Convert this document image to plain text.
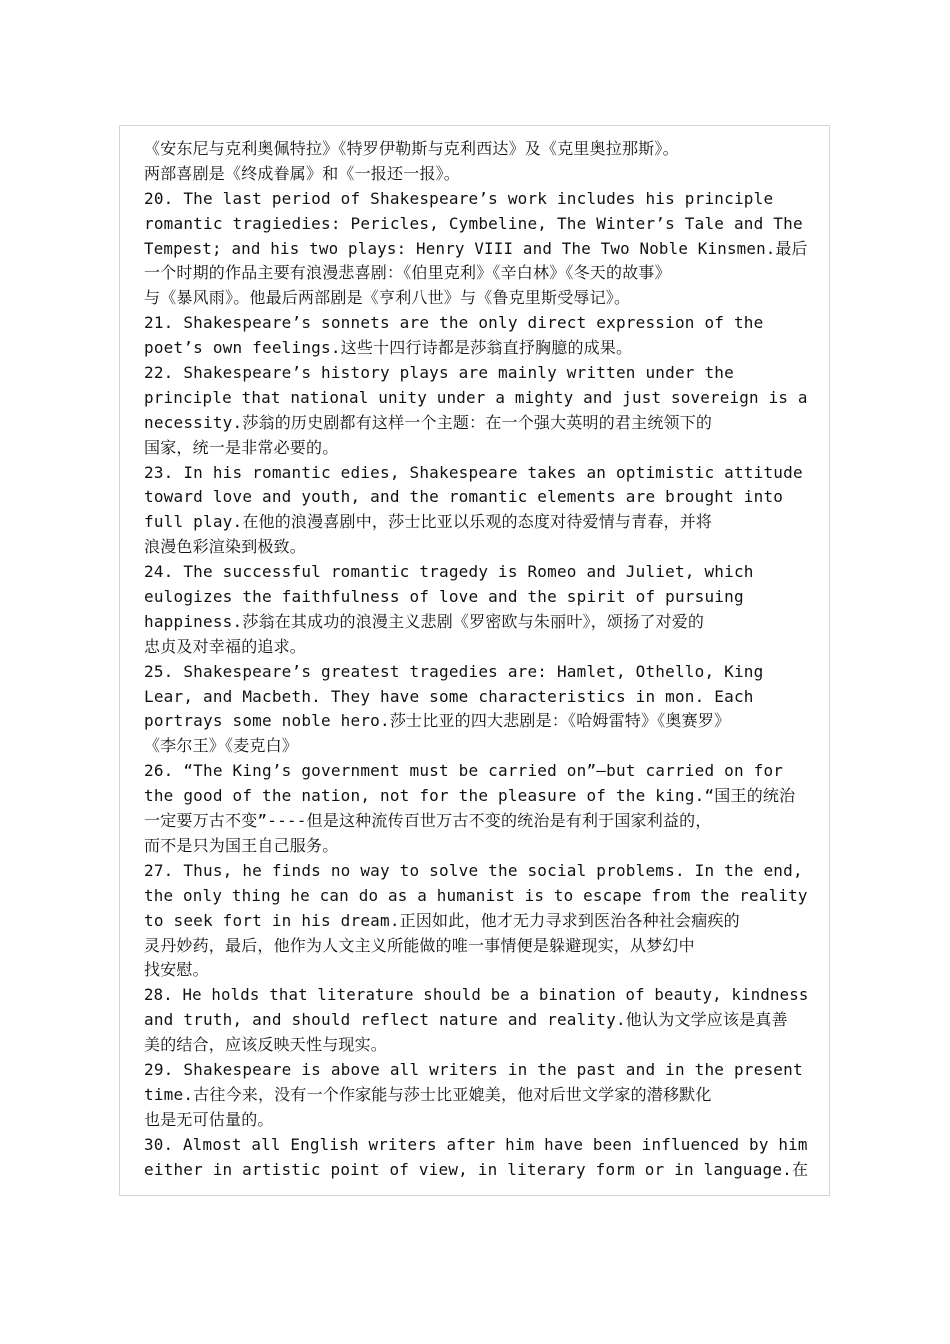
《安东尼与克利奥佩特拉》《特罗伊勒斯与克利西达》及《克里奥拉那斯》。
两部喜剧是《终成眷属》和《一报还一报》。
20. The last period of Shakespeare’s work includes his principle
romantic tragiedies: Pericles, Cymbeline, The Winter’s Tale and The
Tempest; and his two plays: Henry VIII and The Two Noble Kinsmen.最后
一个时期的作品主要有浪漫悲喜剧：《伯里克利》《辛白林》《冬天的故事》
与《暴风雨》。他最后两部剧是《亨利八世》与《鲁克里斯受辱记》。
21. Shakespeare’s sonnets are the only direct expression of the
poet’s own feelings.这些十四行诗都是莎翁直抒胸臆的成果。
22. Shakespeare’s history plays are mainly written under the
principle that national unity under a mighty and just sovereign is a
necessity.莎翁的历史剧都有这样一个主题：在一个强大英明的君主统领下的
国家，统一是非常必要的。
23. In his romantic edies, Shakespeare takes an optimistic attitude
toward love and youth, and the romantic elements are brought into
full play.在他的浪漫喜剧中，莎士比亚以乐观的态度对待爱情与青春，并将
浪漫色彩渲染到极致。
24. The successful romantic tragedy is Romeo and Juliet, which
eulogizes the faithfulness of love and the spirit of pursuing
happiness.莎翁在其成功的浪漫主义悲剧《罗密欧与朱丽叶》，颂扬了对爱的
忠贞及对幸福的追求。
25. Shakespeare’s greatest tragedies are: Hamlet, Othello, King
Lear, and Macbeth. They have some characteristics in mon. Each
portrays some noble hero.莎士比亚的四大悲剧是：《哈姆雷特》《奥赛罗》
《李尔王》《麦克白》
26. “The King’s government must be carried on”—but carried on for
the good of the nation, not for the pleasure of the king.“国王的统治
一定要万古不变”----但是这种流传百世万古不变的统治是有利于国家利益的，
而不是只为国王自己服务。
27. Thus, he finds no way to solve the social problems. In the end,
the only thing he can do as a humanist is to escape from the reality
to seek fort in his dream.正因如此，他才无力寻求到医治各种社会痼疾的
灵丹妙药，最后，他作为人文主义所能做的唯一事情便是躲避现实，从梦幻中
找安慰。
28. He holds that literature should be a bination of beauty, kindness
and truth, and should reflect nature and reality.他认为文学应该是真善
美的结合，应该反映天性与现实。
29. Shakespeare is above all writers in the past and in the present
time.古往今来，没有一个作家能与莎士比亚媲美，他对后世文学家的潜移默化
也是无可估量的。
30. Almost all English writers after him have been influenced by him
either in artistic point of view, in literary form or in language.在
